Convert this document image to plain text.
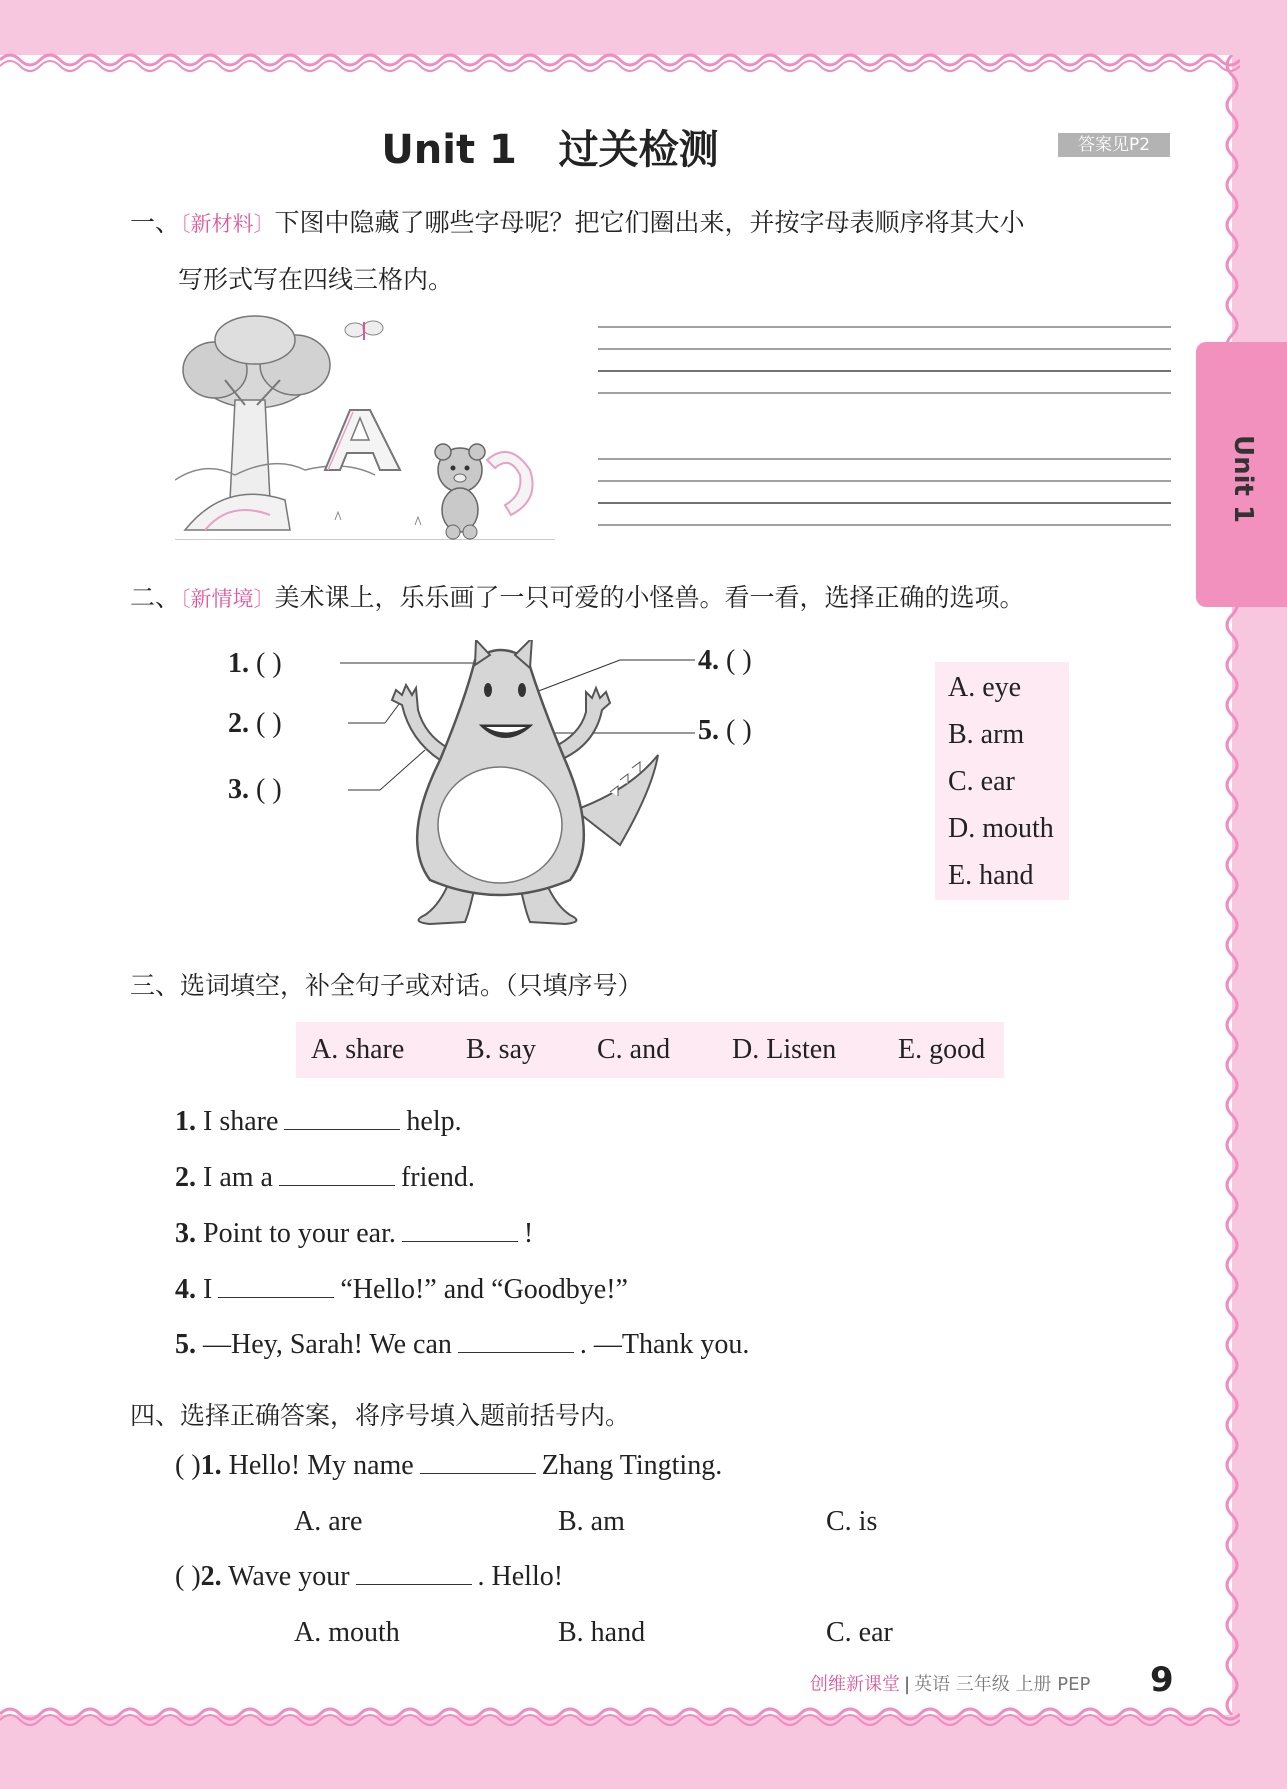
Unit 1   过关检测	答案见P2
Unit 1
一、〔新材料〕下图中隐藏了哪些字母呢？把它们圈出来，并按字母表顺序将其大小
写形式写在四线三格内。
二、〔新情境〕美术课上，乐乐画了一只可爱的小怪兽。看一看，选择正确的选项。
1. ( )
2. ( )
3. ( )
4. ( )
5. ( )
A. eye
B. arm
C. ear
D. mouth
E. hand
三、选词填空，补全句子或对话。（只填序号）
A. share B. say C. and D. Listen E. good
1. I share	help.
2. I am a	friend.
3. Point to your ear.	!
4. I	“Hello!” and “Goodbye!”
5. —Hey, Sarah! We can	. —Thank you.
四、选择正确答案，将序号填入题前括号内。
( )1. Hello! My name	Zhang Tingting.
A. are	B. am	C. is
( )2. Wave your	. Hello!
A. mouth	B. hand	C. ear
创维新课堂 | 英语 三年级 上册 PEP 9
